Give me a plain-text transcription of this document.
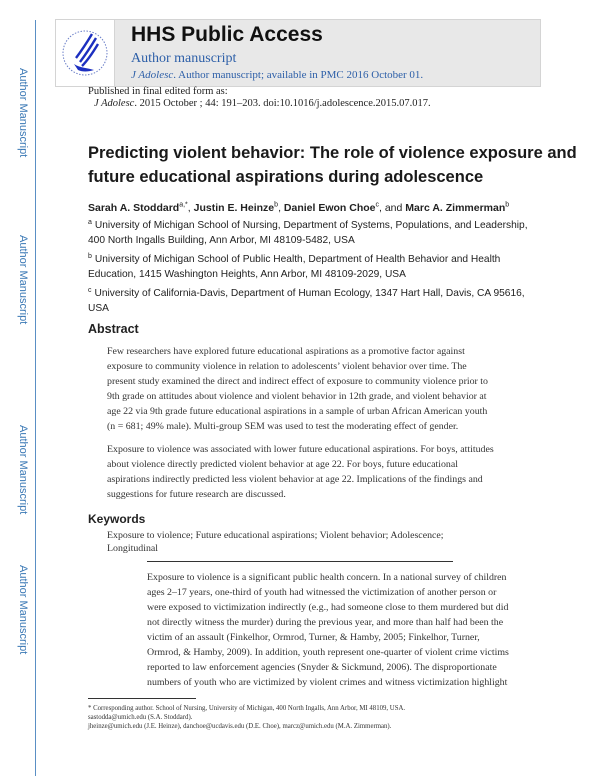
Author Manuscript
Author Manuscript
Author Manuscript
Author Manuscript
HHS Public Access
Author manuscript
J Adolesc. Author manuscript; available in PMC 2016 October 01.
Published in final edited form as:
J Adolesc. 2015 October ; 44: 191–203. doi:10.1016/j.adolescence.2015.07.017.
Predicting violent behavior: The role of violence exposure and
future educational aspirations during adolescence
Sarah A. Stoddard$^{a,*}$, Justin E. Heinze$^b$, Daniel Ewon Choe$^c$, and Marc A. Zimmerman$^b$
$^a$ University of Michigan School of Nursing, Department of Systems, Populations, and Leadership,
400 North Ingalls Building, Ann Arbor, MI 48109-5482, USA
$^b$ University of Michigan School of Public Health, Department of Health Behavior and Health
Education, 1415 Washington Heights, Ann Arbor, MI 48109-2029, USA
$^c$ University of California-Davis, Department of Human Ecology, 1347 Hart Hall, Davis, CA 95616,
USA
Abstract
Few researchers have explored future educational aspirations as a promotive factor against
exposure to community violence in relation to adolescents’ violent behavior over time. The
present study examined the direct and indirect effect of exposure to community violence prior to
9th grade on attitudes about violence and violent behavior in 12th grade, and violent behavior at
age 22 via 9th grade future educational aspirations in a sample of urban African American youth
(n = 681; 49% male). Multi-group SEM was used to test the moderating effect of gender.
Exposure to violence was associated with lower future educational aspirations. For boys, attitudes
about violence directly predicted violent behavior at age 22. For boys, future educational
aspirations indirectly predicted less violent behavior at age 22. Implications of the findings and
suggestions for future research are discussed.
Keywords
Exposure to violence; Future educational aspirations; Violent behavior; Adolescence;
Longitudinal
Exposure to violence is a significant public health concern. In a national survey of children
ages 2–17 years, one-third of youth had witnessed the victimization of another person or
were exposed to victimization indirectly (e.g., had someone close to them murdered but did
not directly witness the murder) during the previous year, and more than half had been the
victim of an assault (Finkelhor, Ormrod, Turner, & Hamby, 2005; Finkelhor, Turner,
Ormrod, & Hamby, 2009). In addition, youth represent one-quarter of violent crime victims
reported to law enforcement agencies (Snyder & Sickmund, 2006). The disproportionate
numbers of youth who are victimized by violent crimes and witness victimization highlight
* Corresponding author. School of Nursing, University of Michigan, 400 North Ingalls, Ann Arbor, MI 48109, USA.
sastodda@umich.edu (S.A. Stoddard).
jheinze@umich.edu (J.E. Heinze), danchoe@ucdavis.edu (D.E. Choe), marcz@umich.edu (M.A. Zimmerman).
